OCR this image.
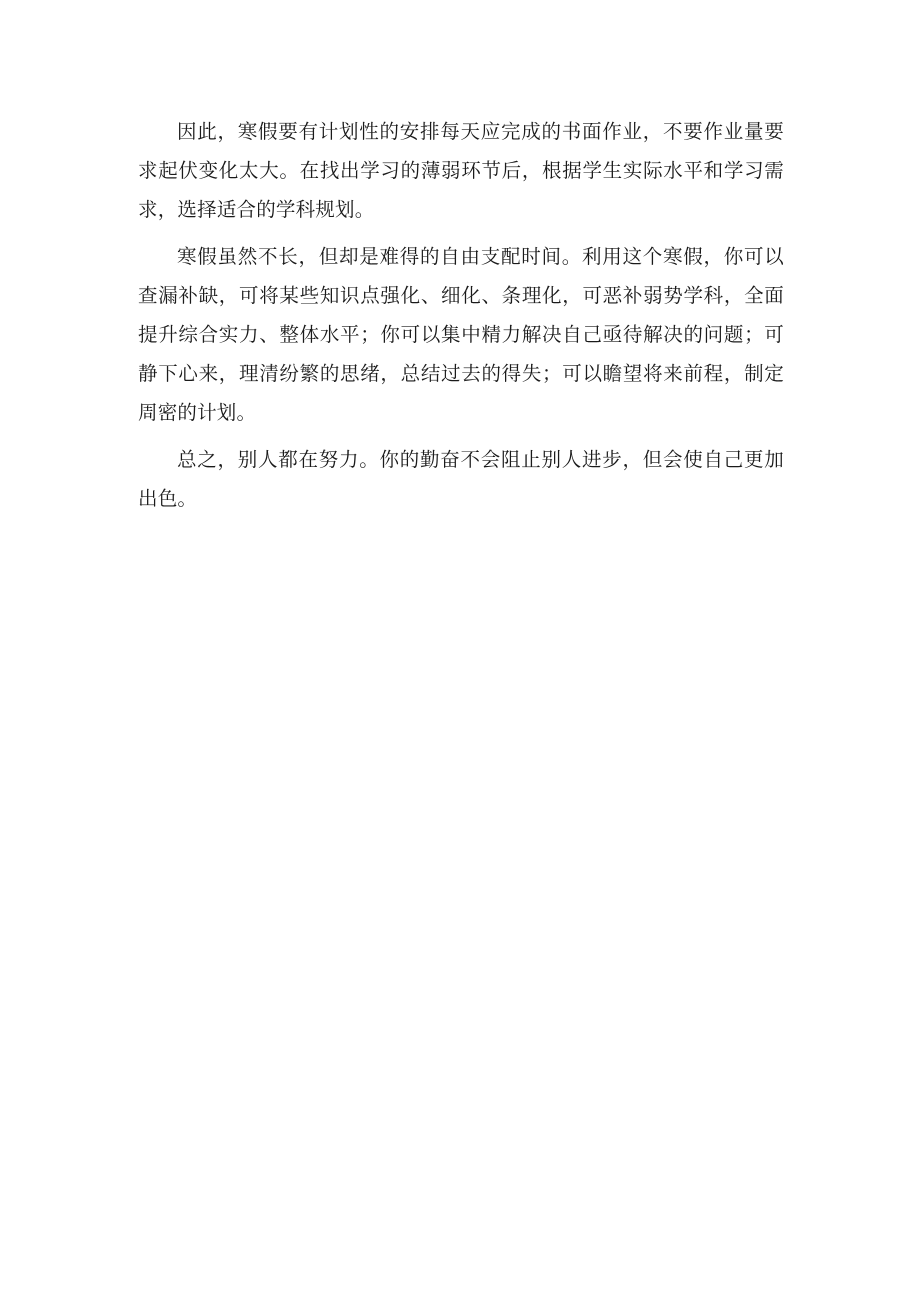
因此，寒假要有计划性的安排每天应完成的书面作业，不要作业量要求起伏变化太大。在找出学习的薄弱环节后，根据学生实际水平和学习需求，选择适合的学科规划。

寒假虽然不长，但却是难得的自由支配时间。利用这个寒假，你可以查漏补缺，可将某些知识点强化、细化、条理化，可恶补弱势学科，全面提升综合实力、整体水平；你可以集中精力解决自己亟待解决的问题；可静下心来，理清纷繁的思绪，总结过去的得失；可以瞻望将来前程，制定周密的计划。

总之，别人都在努力。你的勤奋不会阻止别人进步，但会使自己更加出色。
